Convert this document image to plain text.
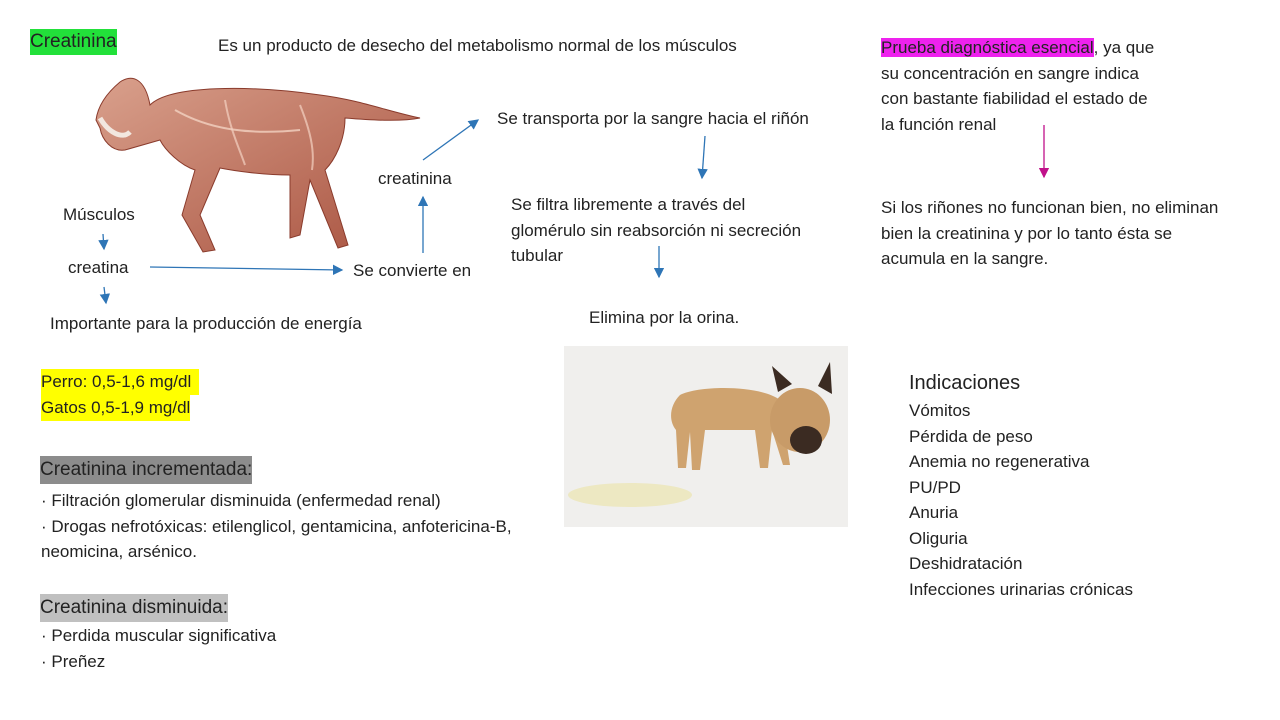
Creatinina	Es un producto de desecho del metabolismo normal de los músculos
Músculos
creatina
Importante para la producción de energía
Se convierte en
creatinina
Se transporta por la sangre hacia el riñón
Se filtra libremente a través del
glomérulo sin reabsorción ni secreción
tubular
Elimina por la orina.
Prueba diagnóstica esencial, ya que
su concentración en sangre indica
con bastante fiabilidad el estado de
la función renal
Si los riñones no funcionan bien, no eliminan
bien la creatinina y por lo tanto ésta se
acumula en la sangre.
Perro: 0,5-1,6 mg/dl
Gatos 0,5-1,9 mg/dl
Creatinina incrementada:
· Filtración glomerular disminuida (enfermedad renal)
· Drogas nefrotóxicas: etilenglicol, gentamicina, anfotericina-B,
neomicina, arsénico.
Creatinina disminuida:
· Perdida muscular significativa
· Preñez
Indicaciones
Vómitos
Pérdida de peso
Anemia no regenerativa
PU/PD
Anuria
Oliguria
Deshidratación
Infecciones urinarias crónicas
